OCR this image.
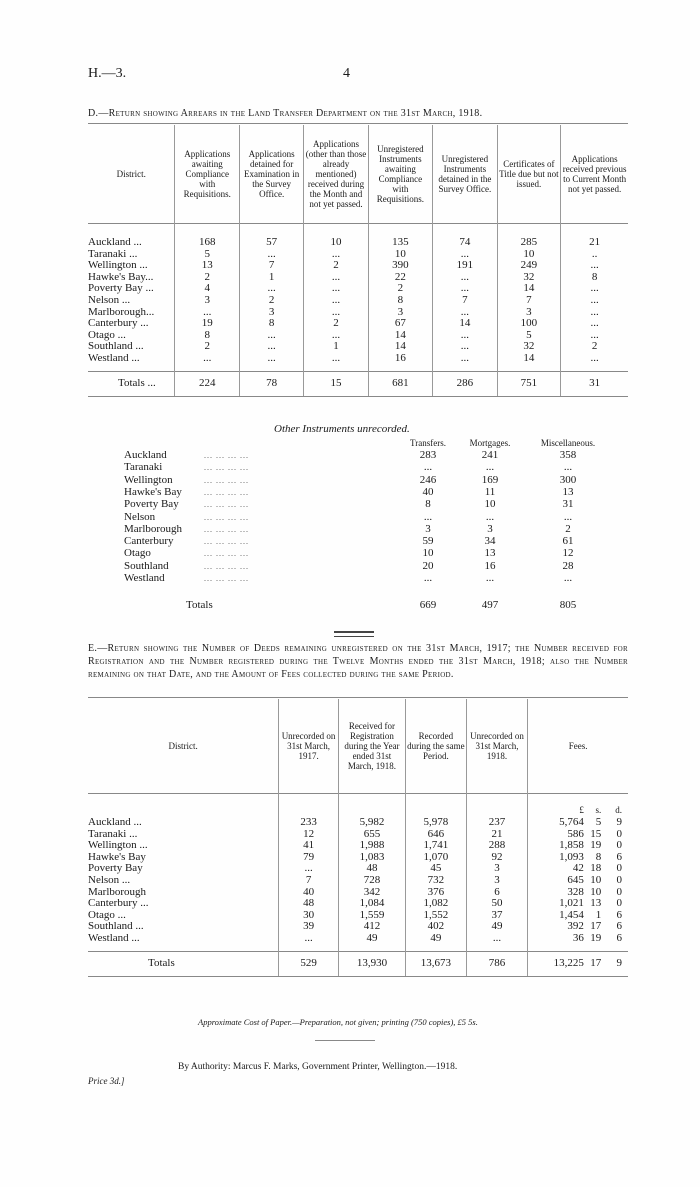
H.—3.	4
D.—Return showing Arrears in the Land Transfer Department on the 31st March, 1918.
District.	Applications awaiting Compliance with Requisitions.	Applications detained for Examination in the Survey Office.	Applications (other than those already mentioned) received during the Month and not yet passed.	Unregistered Instruments awaiting Compliance with Requisitions.	Unregistered Instruments detained in the Survey Office.	Certificates of Title due but not issued.	Applications received previous to Current Month not yet passed.

Auckland ...	168	57	10	135	74	285	21
Taranaki ...	5	...	...	10	...	10	..
Wellington ...	13	7	2	390	191	249	...
Hawke's Bay...	2	1	...	22	...	32	8
Poverty Bay ...	4	...	...	2	...	14	...
Nelson ...	3	2	...	8	7	7	...
Marlborough...	...	3	...	3	...	3	...
Canterbury ...	19	8	2	67	14	100	...
Otago ...	8	...	...	14	...	5	...
Southland ...	2	...	1	14	...	32	2
Westland ...	...	...	...	16	...	14	...

Totals ...	224	78	15	681	286	751	31
Other Instruments unrecorded.
Transfers.	Mortgages.	Miscellaneous.
Auckland	283	241	358
... ... ... ...
Taranaki	...	...	...
... ... ... ...
Wellington	246	169	300
... ... ... ...
Hawke's Bay	40	11	13
... ... ... ...
Poverty Bay	8	10	31
... ... ... ...
Nelson	...	...	...
... ... ... ...
Marlborough	3	3	2
... ... ... ...
Canterbury	59	34	61
... ... ... ...
Otago	10	13	12
... ... ... ...
Southland	20	16	28
... ... ... ...
Westland	...	...	...
... ... ... ...
Totals	669	497	805
E.—Return showing the Number of Deeds remaining unregistered on the 31st March, 1917; the Number received for Registration and the Number registered during the Twelve Months ended the 31st March, 1918; also the Number remaining on that Date, and the Amount of Fees collected during the same Period.
District.	Unrecorded on 31st March, 1917.	Received for Registration during the Year ended 31st March, 1918.	Recorded during the same Period.	Unrecorded on 31st March, 1918.	Fees.		
					£	s.	d.
Auckland ...	233	5,982	5,978	237	5,764	5	9
Taranaki ...	12	655	646	21	586	15	0
Wellington ...	41	1,988	1,741	288	1,858	19	0
Hawke's Bay	79	1,083	1,070	92	1,093	8	6
Poverty Bay	...	48	45	3	42	18	0
Nelson ...	7	728	732	3	645	10	0
Marlborough	40	342	376	6	328	10	0
Canterbury ...	48	1,084	1,082	50	1,021	13	0
Otago ...	30	1,559	1,552	37	1,454	1	6
Southland ...	39	412	402	49	392	17	6
Westland ...	...	49	49	...	36	19	6

Totals	529	13,930	13,673	786	13,225	17	9
Approximate Cost of Paper.—Preparation, not given; printing (750 copies), £5 5s.
By Authority: Marcus F. Marks, Government Printer, Wellington.—1918.
Price 3d.]
